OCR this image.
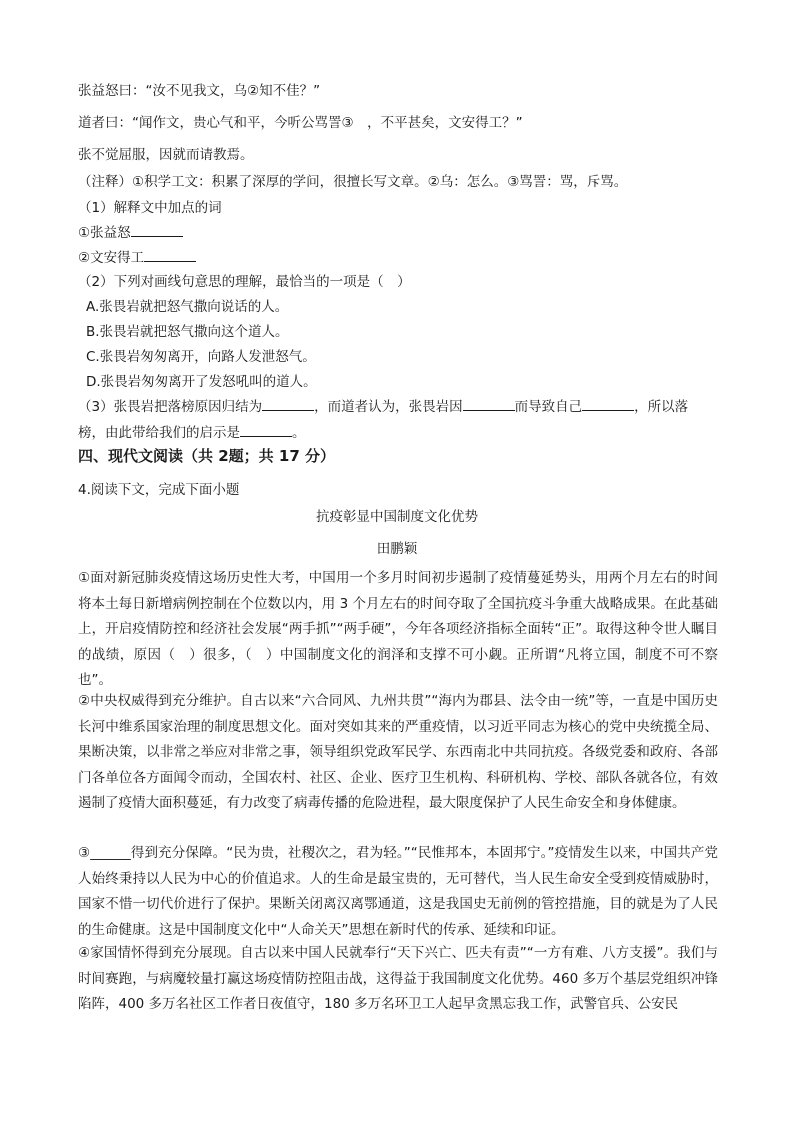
张益怒曰：“汝不见我文，乌②知不佳？”
道者曰：“闻作文，贵心气和平，今听公骂詈③　，不平甚矣，文安得工？”
张不觉屈服，因就而请教焉。
（注释）①积学工文：积累了深厚的学问，很擅长写文章。②乌：怎么。③骂詈：骂，斥骂。
（1）解释文中加点的词
①张益怒
②文安得工
（2）下列对画线句意思的理解，最恰当的一项是（　）
A.张畏岩就把怒气撒向说话的人。
B.张畏岩就把怒气撒向这个道人。
C.张畏岩匆匆离开，向路人发泄怒气。
D.张畏岩匆匆离开了发怒吼叫的道人。
（3）张畏岩把落榜原因归结为	，而道者认为，张畏岩因	而导致自己	，所以落
榜，由此带给我们的启示是	。
四、现代文阅读（共 2题；共 17 分）
4.阅读下文，完成下面小题
抗疫彰显中国制度文化优势
田鹏颖
①面对新冠肺炎疫情这场历史性大考，中国用一个多月时间初步遏制了疫情蔓延势头，用两个月左右的时间将本土每日新增病例控制在个位数以内，用 3 个月左右的时间夺取了全国抗疫斗争重大战略成果。在此基础上，开启疫情防控和经济社会发展“两手抓”“两手硬”，今年各项经济指标全面转“正”。取得这种令世人瞩目的战绩，原因（　）很多，（　）中国制度文化的润泽和支撑不可小觑。正所谓“凡将立国，制度不可不察也”。
②中央权威得到充分维护。自古以来“六合同风、九州共贯”“海内为郡县、法令由一统”等，一直是中国历史长河中维系国家治理的制度思想文化。面对突如其来的严重疫情，以习近平同志为核心的党中央统揽全局、果断决策，以非常之举应对非常之事，领导组织党政军民学、东西南北中共同抗疫。各级党委和政府、各部门各单位各方面闻令而动，全国农村、社区、企业、医疗卫生机构、科研机构、学校、部队各就各位，有效遏制了疫情大面积蔓延，有力改变了病毒传播的危险进程，最大限度保护了人民生命安全和身体健康。
③______得到充分保障。“民为贵，社稷次之，君为轻。”“民惟邦本，本固邦宁。”疫情发生以来，中国共产党人始终秉持以人民为中心的价值追求。人的生命是最宝贵的，无可替代，当人民生命安全受到疫情威胁时，国家不惜一切代价进行了保护。果断关闭离汉离鄂通道，这是我国史无前例的管控措施，目的就是为了人民的生命健康。这是中国制度文化中“人命关天”思想在新时代的传承、延续和印证。
④家国情怀得到充分展现。自古以来中国人民就奉行“天下兴亡、匹夫有责”“一方有难、八方支援”。我们与时间赛跑，与病魔较量打赢这场疫情防控阻击战，这得益于我国制度文化优势。460 多万个基层党组织冲锋陷阵，400 多万名社区工作者日夜值守，180 多万名环卫工人起早贪黑忘我工作，武警官兵、公安民
